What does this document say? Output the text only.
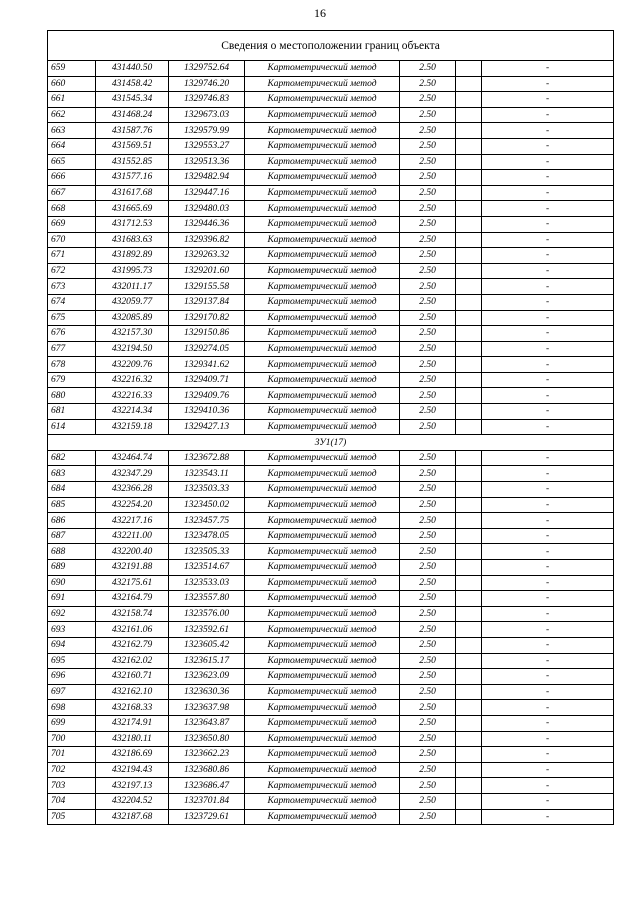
16
Сведения о местоположении границ объекта						
659	431440.50	1329752.64	Картометрический метод	2.50		-
660	431458.42	1329746.20	Картометрический метод	2.50		-
661	431545.34	1329746.83	Картометрический метод	2.50		-
662	431468.24	1329673.03	Картометрический метод	2.50		-
663	431587.76	1329579.99	Картометрический метод	2.50		-
664	431569.51	1329553.27	Картометрический метод	2.50		-
665	431552.85	1329513.36	Картометрический метод	2.50		-
666	431577.16	1329482.94	Картометрический метод	2.50		-
667	431617.68	1329447.16	Картометрический метод	2.50		-
668	431665.69	1329480.03	Картометрический метод	2.50		-
669	431712.53	1329446.36	Картометрический метод	2.50		-
670	431683.63	1329396.82	Картометрический метод	2.50		-
671	431892.89	1329263.32	Картометрический метод	2.50		-
672	431995.73	1329201.60	Картометрический метод	2.50		-
673	432011.17	1329155.58	Картометрический метод	2.50		-
674	432059.77	1329137.84	Картометрический метод	2.50		-
675	432085.89	1329170.82	Картометрический метод	2.50		-
676	432157.30	1329150.86	Картометрический метод	2.50		-
677	432194.50	1329274.05	Картометрический метод	2.50		-
678	432209.76	1329341.62	Картометрический метод	2.50		-
679	432216.32	1329409.71	Картометрический метод	2.50		-
680	432216.33	1329409.76	Картометрический метод	2.50		-
681	432214.34	1329410.36	Картометрический метод	2.50		-
614	432159.18	1329427.13	Картометрический метод	2.50		-
ЗУ1(17)						
682	432464.74	1323672.88	Картометрический метод	2.50		-
683	432347.29	1323543.11	Картометрический метод	2.50		-
684	432366.28	1323503.33	Картометрический метод	2.50		-
685	432254.20	1323450.02	Картометрический метод	2.50		-
686	432217.16	1323457.75	Картометрический метод	2.50		-
687	432211.00	1323478.05	Картометрический метод	2.50		-
688	432200.40	1323505.33	Картометрический метод	2.50		-
689	432191.88	1323514.67	Картометрический метод	2.50		-
690	432175.61	1323533.03	Картометрический метод	2.50		-
691	432164.79	1323557.80	Картометрический метод	2.50		-
692	432158.74	1323576.00	Картометрический метод	2.50		-
693	432161.06	1323592.61	Картометрический метод	2.50		-
694	432162.79	1323605.42	Картометрический метод	2.50		-
695	432162.02	1323615.17	Картометрический метод	2.50		-
696	432160.71	1323623.09	Картометрический метод	2.50		-
697	432162.10	1323630.36	Картометрический метод	2.50		-
698	432168.33	1323637.98	Картометрический метод	2.50		-
699	432174.91	1323643.87	Картометрический метод	2.50		-
700	432180.11	1323650.80	Картометрический метод	2.50		-
701	432186.69	1323662.23	Картометрический метод	2.50		-
702	432194.43	1323680.86	Картометрический метод	2.50		-
703	432197.13	1323686.47	Картометрический метод	2.50		-
704	432204.52	1323701.84	Картометрический метод	2.50		-
705	432187.68	1323729.61	Картометрический метод	2.50		-
